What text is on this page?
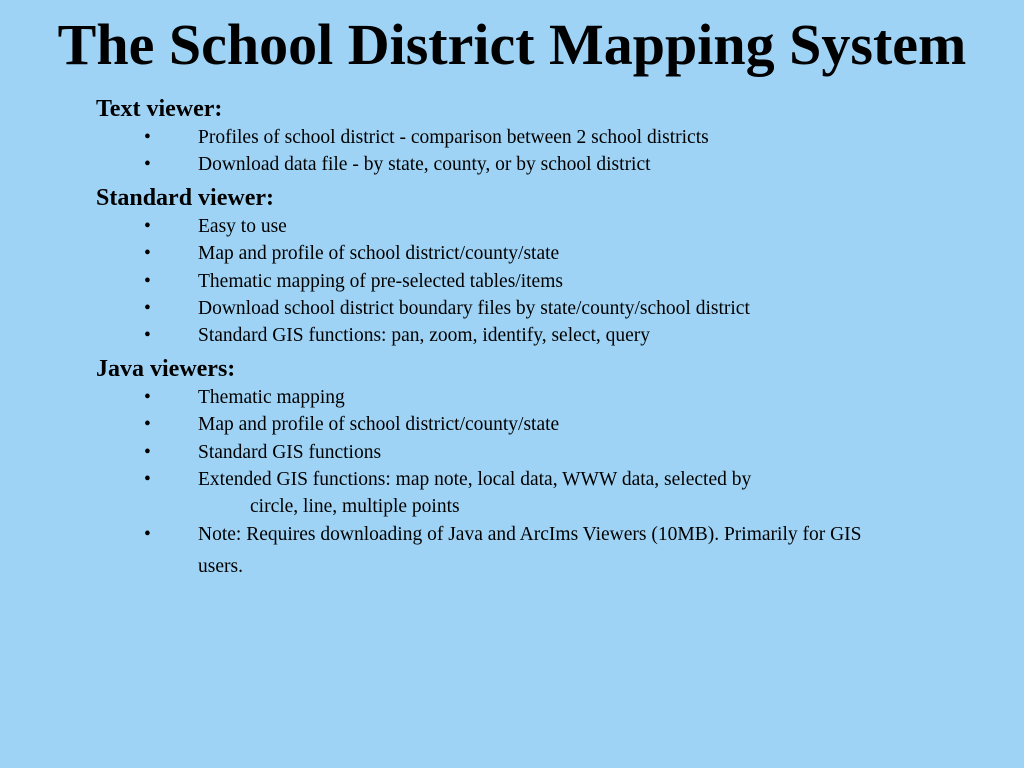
The School District Mapping System
Text viewer:
• Profiles of school district - comparison between 2 school districts
• Download data file - by state, county, or by school district
Standard viewer:
• Easy to use
• Map and profile of school district/county/state
• Thematic mapping of pre-selected tables/items
• Download school district boundary files by state/county/school district
• Standard GIS functions: pan, zoom, identify, select, query
Java viewers:
• Thematic mapping
• Map and profile of school district/county/state
• Standard GIS functions
• Extended GIS functions: map note, local data, WWW data, selected by
circle, line, multiple points
• Note: Requires downloading of Java and ArcIms Viewers (10MB). Primarily for GIS
users.
